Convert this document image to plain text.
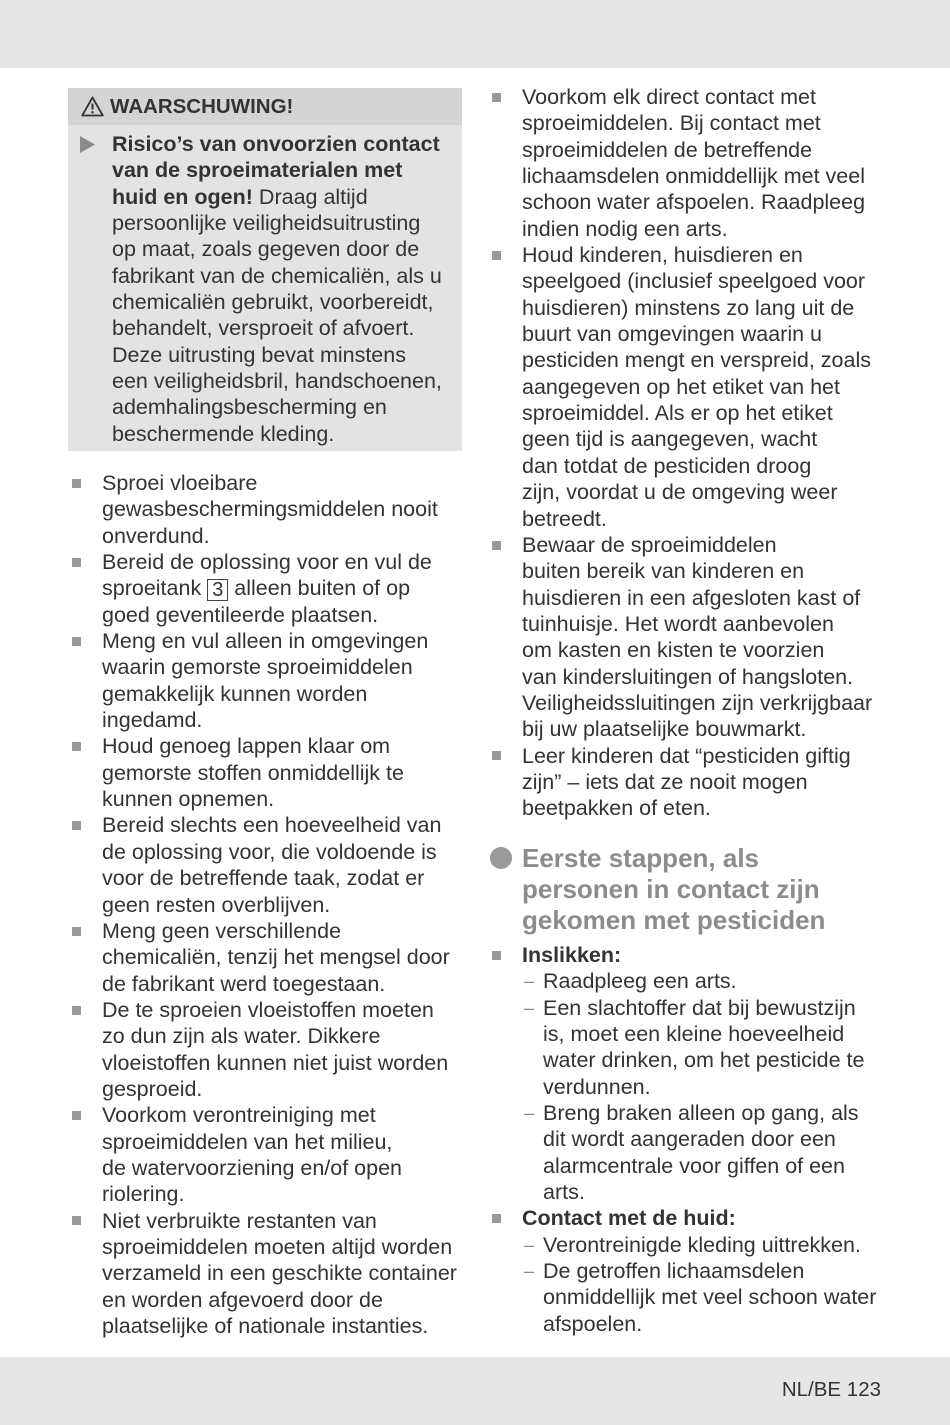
WAARSCHUWING!
Risico’s van onvoorzien contact
van de sproeimaterialen met
huid en ogen! Draag altijd
persoonlijke veiligheidsuitrusting
op maat, zoals gegeven door de
fabrikant van de chemicaliën, als u
chemicaliën gebruikt, voorbereidt,
behandelt, versproeit of afvoert.
Deze uitrusting bevat minstens
een veiligheidsbril, handschoenen,
ademhalingsbescherming en
beschermende kleding.
Sproei vloeibare
gewasbeschermingsmiddelen nooit
onverdund.
Bereid de oplossing voor en vul de
sproeitank 3 alleen buiten of op
goed geventileerde plaatsen.
Meng en vul alleen in omgevingen
waarin gemorste sproeimiddelen
gemakkelijk kunnen worden
ingedamd.
Houd genoeg lappen klaar om
gemorste stoffen onmiddellijk te
kunnen opnemen.
Bereid slechts een hoeveelheid van
de oplossing voor, die voldoende is
voor de betreffende taak, zodat er
geen resten overblijven.
Meng geen verschillende
chemicaliën, tenzij het mengsel door
de fabrikant werd toegestaan.
De te sproeien vloeistoffen moeten
zo dun zijn als water. Dikkere
vloeistoffen kunnen niet juist worden
gesproeid.
Voorkom verontreiniging met
sproeimiddelen van het milieu,
de watervoorziening en/of open
riolering.
Niet verbruikte restanten van
sproeimiddelen moeten altijd worden
verzameld in een geschikte container
en worden afgevoerd door de
plaatselijke of nationale instanties.
Voorkom elk direct contact met
sproeimiddelen. Bij contact met
sproeimiddelen de betreffende
lichaamsdelen onmiddellijk met veel
schoon water afspoelen. Raadpleeg
indien nodig een arts.
Houd kinderen, huisdieren en
speelgoed (inclusief speelgoed voor
huisdieren) minstens zo lang uit de
buurt van omgevingen waarin u
pesticiden mengt en verspreid, zoals
aangegeven op het etiket van het
sproeimiddel. Als er op het etiket
geen tijd is aangegeven, wacht
dan totdat de pesticiden droog
zijn, voordat u de omgeving weer
betreedt.
Bewaar de sproeimiddelen
buiten bereik van kinderen en
huisdieren in een afgesloten kast of
tuinhuisje. Het wordt aanbevolen
om kasten en kisten te voorzien
van kindersluitingen of hangsloten.
Veiligheidssluitingen zijn verkrijgbaar
bij uw plaatselijke bouwmarkt.
Leer kinderen dat “pesticiden giftig
zijn” – iets dat ze nooit mogen
beetpakken of eten.
Eerste stappen, als
personen in contact zijn
gekomen met pesticiden
Inslikken:
– Raadpleeg een arts.
– Een slachtoffer dat bij bewustzijn
is, moet een kleine hoeveelheid
water drinken, om het pesticide te
verdunnen.
– Breng braken alleen op gang, als
dit wordt aangeraden door een
alarmcentrale voor giffen of een
arts.
Contact met de huid:
– Verontreinigde kleding uittrekken.
– De getroffen lichaamsdelen
onmiddellijk met veel schoon water
afspoelen.
NL/BE 123
